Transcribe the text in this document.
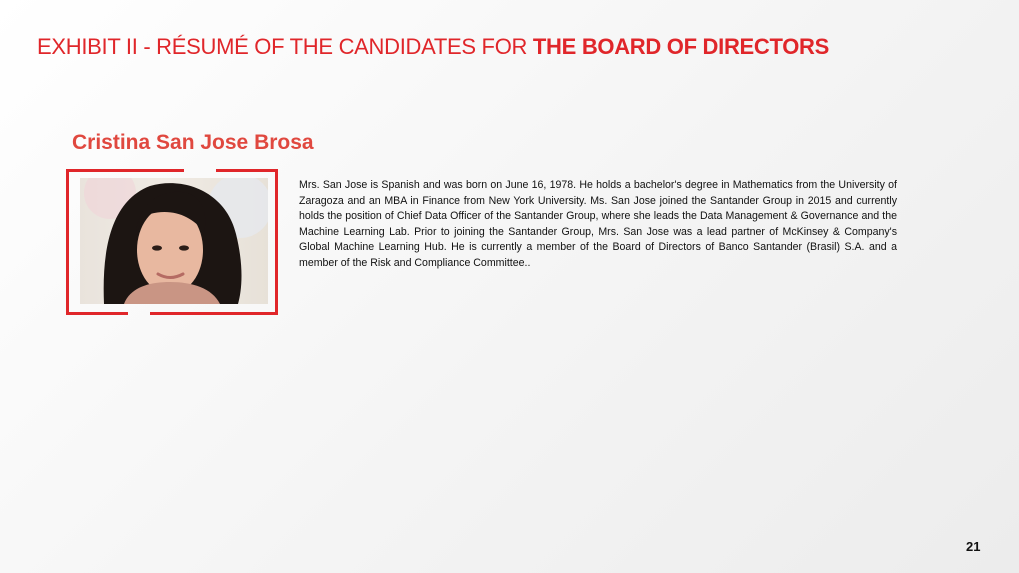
EXHIBIT II - RÉSUMÉ OF THE CANDIDATES FOR THE BOARD OF DIRECTORS
Cristina San Jose Brosa

Mrs. San Jose is Spanish and was born on June 16, 1978. He holds a bachelor's degree in Mathematics from the University of Zaragoza and an MBA in Finance from New York University. Ms. San Jose joined the Santander Group in 2015 and currently holds the position of Chief Data Officer of the Santander Group, where she leads the Data Management & Governance and the Machine Learning Lab. Prior to joining the Santander Group, Mrs. San Jose was a lead partner of McKinsey & Company's Global Machine Learning Hub. He is currently a member of the Board of Directors of Banco Santander (Brasil) S.A. and a member of the Risk and Compliance Committee..

21
